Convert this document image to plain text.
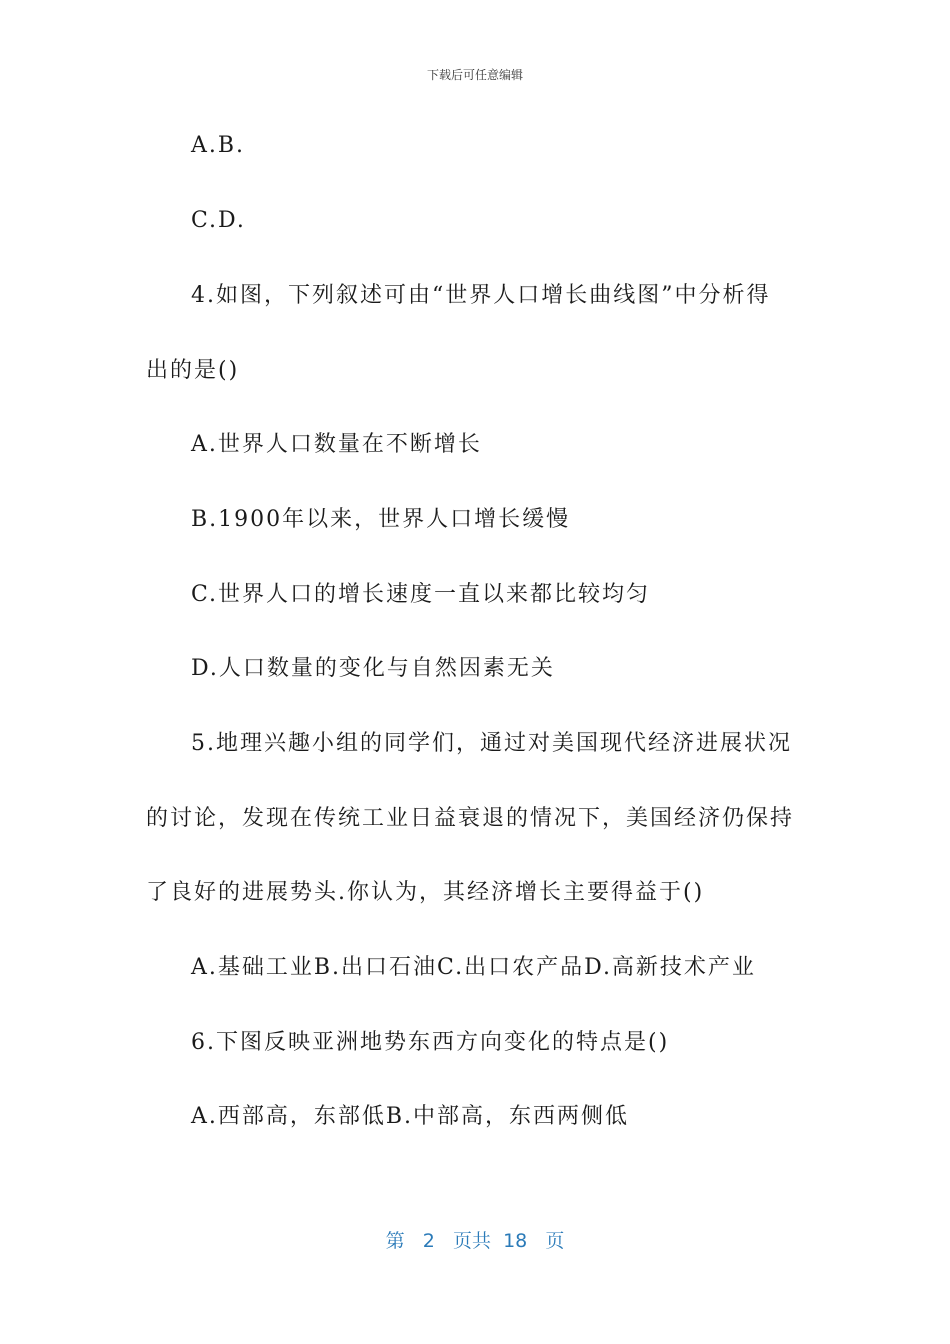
下载后可任意编辑
A.B.
C.D.
4.如图，下列叙述可由“世界人口增长曲线图”中分析得
出的是()
A.世界人口数量在不断增长
B.1900年以来，世界人口增长缓慢
C.世界人口的增长速度一直以来都比较均匀
D.人口数量的变化与自然因素无关
5.地理兴趣小组的同学们，通过对美国现代经济进展状况
的讨论，发现在传统工业日益衰退的情况下，美国经济仍保持
了良好的进展势头.你认为，其经济增长主要得益于()
A.基础工业B.出口石油C.出口农产品D.高新技术产业
6.下图反映亚洲地势东西方向变化的特点是()
A.西部高，东部低B.中部高，东西两侧低
第 2 页共 18 页
